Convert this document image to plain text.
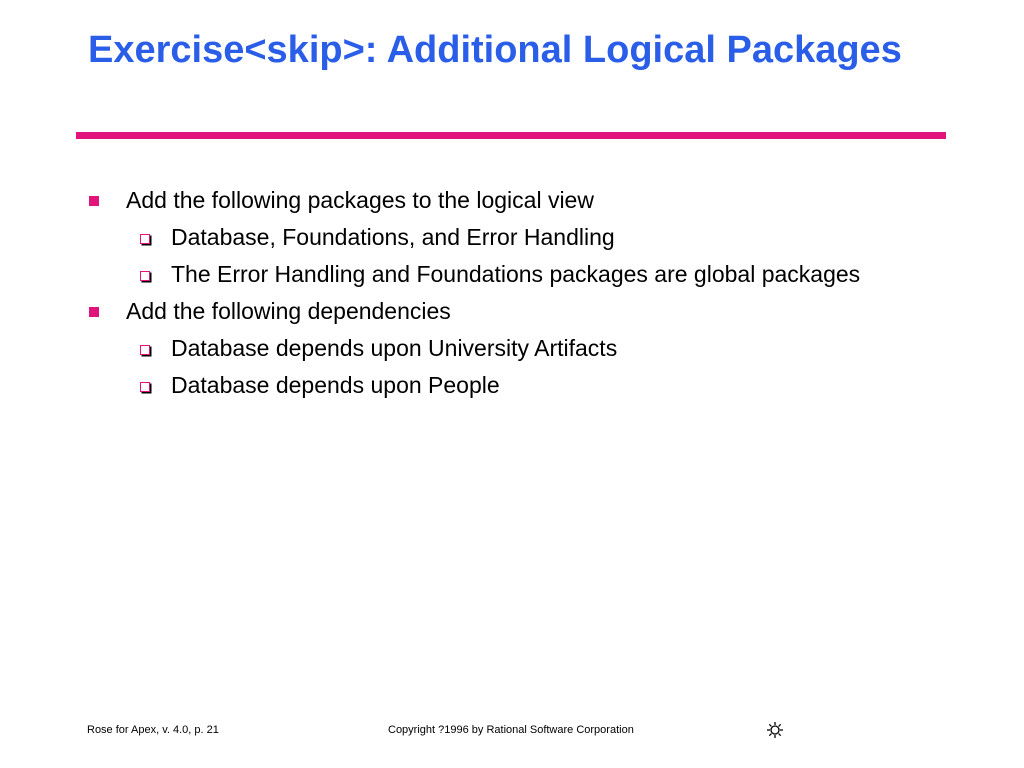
Exercise<skip>: Additional Logical Packages
Add the following packages to the logical view
Database, Foundations, and Error Handling
The Error Handling and Foundations packages are global packages
Add the following dependencies
Database depends upon University Artifacts
Database depends upon People
Rose for Apex, v. 4.0, p. 21	Copyright ?1996 by Rational Software Corporation
